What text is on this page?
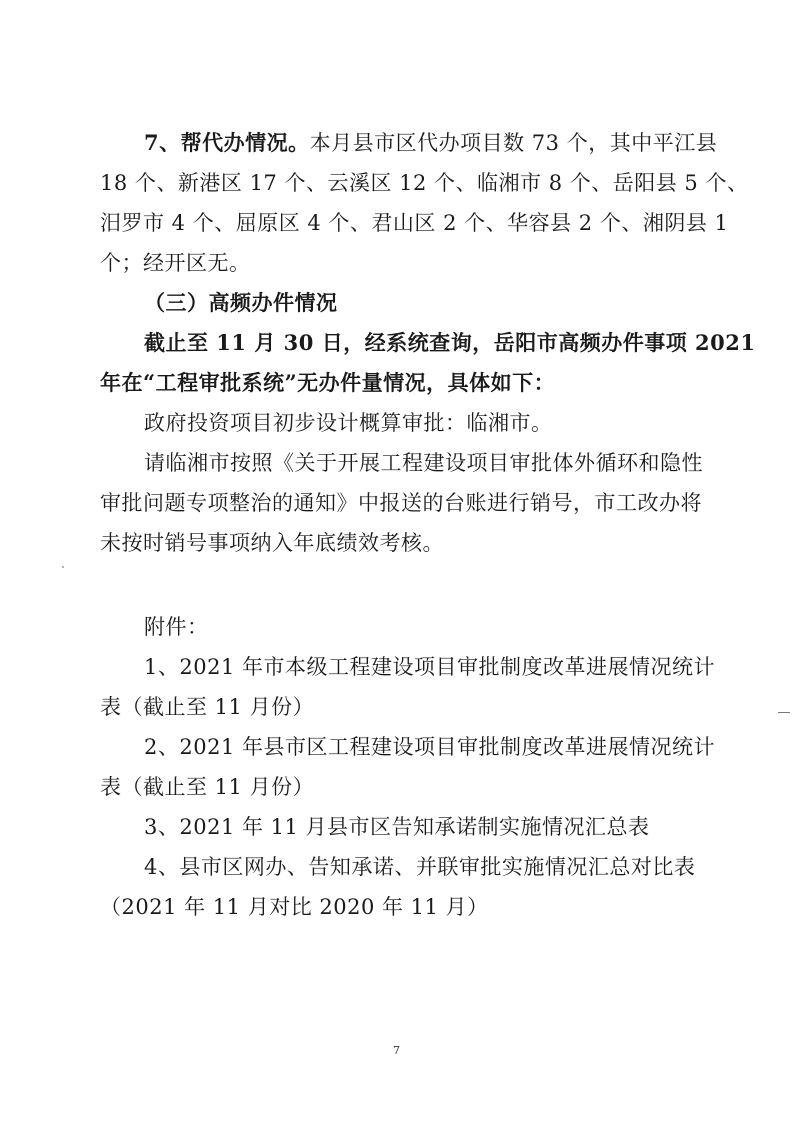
7、帮代办情况。本月县市区代办项目数 73 个，其中平江县
18 个、新港区 17 个、云溪区 12 个、临湘市 8 个、岳阳县 5 个、
汨罗市 4 个、屈原区 4 个、君山区 2 个、华容县 2 个、湘阴县 1
个；经开区无。
（三）高频办件情况
截止至 11 月 30 日，经系统查询，岳阳市高频办件事项 2021
年在“工程审批系统”无办件量情况，具体如下：
政府投资项目初步设计概算审批：临湘市。
请临湘市按照《关于开展工程建设项目审批体外循环和隐性
审批问题专项整治的通知》中报送的台账进行销号，市工改办将
未按时销号事项纳入年底绩效考核。
附件：
1、2021 年市本级工程建设项目审批制度改革进展情况统计
表（截止至 11 月份）
2、2021 年县市区工程建设项目审批制度改革进展情况统计
表（截止至 11 月份）
3、2021 年 11 月县市区告知承诺制实施情况汇总表
4、县市区网办、告知承诺、并联审批实施情况汇总对比表
（2021 年 11 月对比 2020 年 11 月）
7
